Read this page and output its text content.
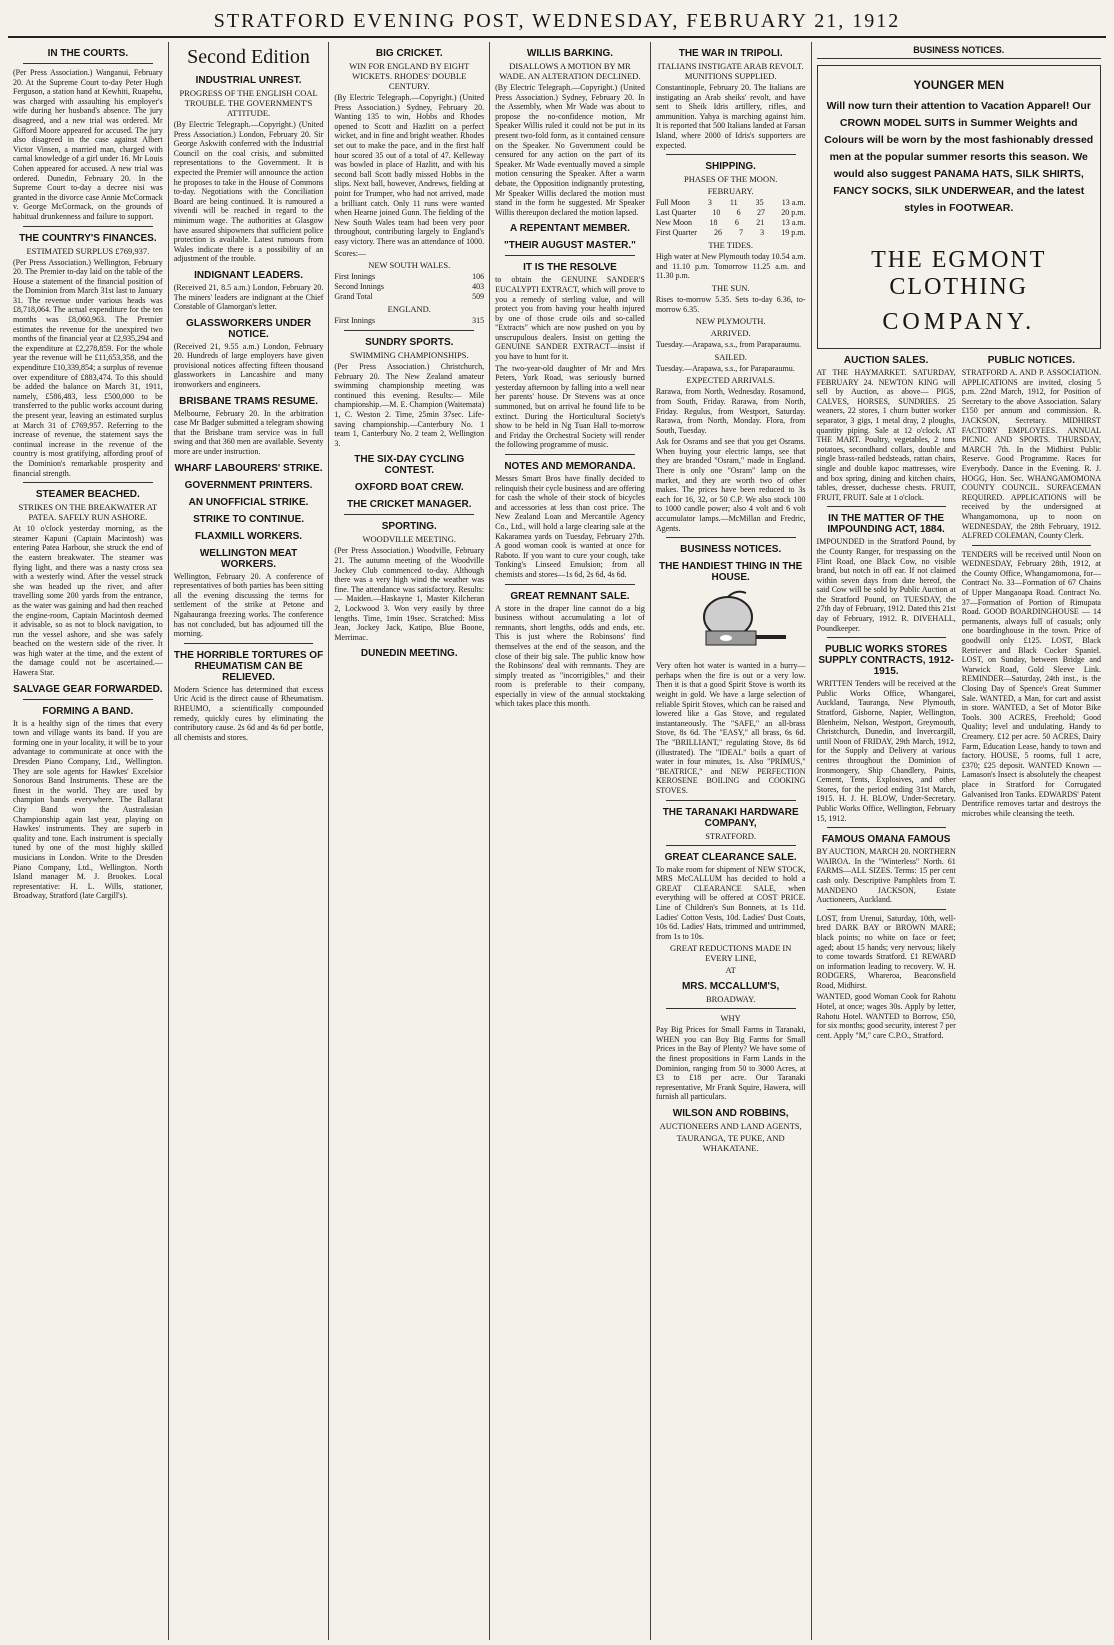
STRATFORD EVENING POST, WEDNESDAY, FEBRUARY 21, 1912
IN THE COURTS.
(Per Press Association.) Wanganui, February 20. At the Supreme Court to-day Peter Hugh Ferguson, a station hand at Kewhiti, Ruapehu, was charged with assaulting his employer's wife during her husband's absence. The jury disagreed, and a new trial was ordered. Mr Gifford Moore appeared for accused. The jury also disagreed in the case against Albert Victor Vinsen, a married man, charged with carnal knowledge of a girl under 16. Mr Louis Cohen appeared for accused. A new trial was ordered. Dunedin, February 20. In the Supreme Court to-day a decree nisi was granted in the divorce case Annie McCormack v. George McCormack, on the grounds of habitual drunkenness and failure to support.
THE COUNTRY'S FINANCES.
ESTIMATED SURPLUS £769,937.
(Per Press Association.) Wellington, February 20. The Premier to-day laid on the table of the House a statement of the financial position of the Dominion from March 31st last to January 31. The revenue under various heads was £8,718,064. The actual expenditure for the ten months was £8,060,963. The Premier estimates the revenue for the unexpired two months of the financial year at £2,935,294 and the expenditure at £2,278,859. For the whole year the revenue will be £11,653,358, and the expenditure £10,339,854; a surplus of revenue over expenditure of £883,474. To this should be added the balance on March 31, 1911, namely, £586,483, less £500,000 to be transferred to the public works account during the present year, leaving an estimated surplus at March 31 of £769,957. Referring to the increase of revenue, the statement says the continual increase in the revenue of the country is most gratifying, affording proof of the Dominion's remarkable prosperity and financial strength.
STEAMER BEACHED.
STRIKES ON THE BREAKWATER AT PATEA. SAFELY RUN ASHORE.
At 10 o'clock yesterday morning, as the steamer Kapuni (Captain Macintosh) was entering Patea Harbour, she struck the end of the eastern breakwater. The steamer was flying light, and there was a nasty cross sea with a westerly wind. After the vessel struck she was headed up the river, and after travelling some 200 yards from the entrance, as the water was gaining and had then reached the engine-room, Captain Macintosh deemed it advisable, so as not to block navigation, to run the vessel ashore, and she was safely beached on the western side of the river. It was high water at the time, and the extent of the damage could not be ascertained.—Hawera Star.
SALVAGE GEAR FORWARDED.
FORMING A BAND.
It is a healthy sign of the times that every town and village wants its band. If you are forming one in your locality, it will be to your advantage to communicate at once with the Dresden Piano Company, Ltd., Wellington. They are sole agents for Hawkes' Excelsior Sonorous Band Instruments. These are the finest in the world. They are used by champion bands everywhere. The Ballarat City Band won the Australasian Championship again last year, playing on Hawkes' instruments. They are superb in quality and tone. Each instrument is specially tuned by one of the most highly skilled musicians in London. Write to the Dresden Piano Company, Ltd., Wellington. North Island manager M. J. Brookes. Local representative: H. L. Wills, stationer, Broadway, Stratford (late Cargill's).
Second Edition
INDUSTRIAL UNREST.
PROGRESS OF THE ENGLISH COAL TROUBLE. THE GOVERNMENT'S ATTITUDE.
(By Electric Telegraph.—Copyright.) (United Press Association.) London, February 20. Sir George Askwith conferred with the Industrial Council on the coal crisis, and submitted representations to the Government. It is expected the Premier will announce the action he proposes to take in the House of Commons to-day. Negotiations with the Conciliation Board are being continued. It is rumoured a vivendi will be reached in regard to the minimum wage. The authorities at Glasgow have assured shipowners that sufficient police protection is available. Latest rumours from Wales indicate there is a possibility of an adjustment of the trouble.
INDIGNANT LEADERS.
(Received 21, 8.5 a.m.) London, February 20. The miners' leaders are indignant at the Chief Constable of Glamorgan's letter.
GLASSWORKERS UNDER NOTICE.
(Received 21, 9.55 a.m.) London, February 20. Hundreds of large employers have given provisional notices affecting fifteen thousand glassworkers in Lancashire and many ironworkers and engineers.
BRISBANE TRAMS RESUME.
Melbourne, February 20. In the arbitration case Mr Badger submitted a telegram showing that the Brisbane tram service was in full swing and that 360 men are available. Seventy more are under instruction.
WHARF LABOURERS' STRIKE.
GOVERNMENT PRINTERS.
AN UNOFFICIAL STRIKE.
STRIKE TO CONTINUE.
FLAXMILL WORKERS.
WELLINGTON MEAT WORKERS.
Wellington, February 20. A conference of representatives of both parties has been sitting all the evening discussing the terms for settlement of the strike at Petone and Ngahauranga freezing works. The conference has not concluded, but has adjourned till the morning.
THE HORRIBLE TORTURES OF RHEUMATISM CAN BE RELIEVED.
Modern Science has determined that excess Uric Acid is the direct cause of Rheumatism. RHEUMO, a scientifically compounded remedy, quickly cures by eliminating the contributory cause. 2s 6d and 4s 6d per bottle, all chemists and stores.
BIG CRICKET.
WIN FOR ENGLAND BY EIGHT WICKETS. RHODES' DOUBLE CENTURY.
(By Electric Telegraph.—Copyright.) (United Press Association.) Sydney, February 20. Wanting 135 to win, Hobbs and Rhodes opened to Scott and Hazlitt on a perfect wicket, and in fine and bright weather. Rhodes set out to make the pace, and in the first half hour scored 35 out of a total of 47. Kelleway was bowled in place of Hazlitt, and with his second ball Scott badly missed Hobbs in the slips. Next ball, however, Andrews, fielding at point for Trumper, who had not arrived, made a brilliant catch. Only 11 runs were wanted when Hearne joined Gunn. The fielding of the New South Wales team had been very poor throughout, contributing largely to England's easy victory. There was an attendance of 1000.
Scores:—
NEW SOUTH WALES.
First Innings	106
Second Innings	403
Grand Total	509
ENGLAND.
First Innings	315
SUNDRY SPORTS.
SWIMMING CHAMPIONSHIPS.
(Per Press Association.) Christchurch, February 20. The New Zealand amateur swimming championship meeting was continued this evening. Results:— Mile championship.—M. E. Champion (Waitemata) 1, C. Weston 2. Time, 25min 37sec. Life-saving championship.—Canterbury No. 1 team 1, Canterbury No. 2 team 2, Wellington 3.
THE SIX-DAY CYCLING CONTEST.
OXFORD BOAT CREW.
THE CRICKET MANAGER.
SPORTING.
WOODVILLE MEETING.
(Per Press Association.) Woodville, February 21. The autumn meeting of the Woodville Jockey Club commenced to-day. Although there was a very high wind the weather was fine. The attendance was satisfactory. Results:— Maiden.—Haskayne 1, Master Kilcheran 2, Lockwood 3. Won very easily by three lengths. Time, 1min 19sec. Scratched: Miss Jean, Jockey Jack, Katipo, Blue Boone, Merrimac.
DUNEDIN MEETING.
WILLIS BARKING.
DISALLOWS A MOTION BY MR WADE. AN ALTERATION DECLINED.
(By Electric Telegraph.—Copyright.) (United Press Association.) Sydney, February 20. In the Assembly, when Mr Wade was about to propose the no-confidence motion, Mr Speaker Willis ruled it could not be put in its present two-fold form, as it contained censure on the Speaker. No Government could be censured for any action on the part of its Speaker. Mr Wade eventually moved a simple motion censuring the Speaker. After a warm debate, the Opposition indignantly protesting, Mr Speaker Willis declared the motion must stand in the form he suggested. Mr Speaker Willis thereupon declared the motion lapsed.
A REPENTANT MEMBER.
"THEIR AUGUST MASTER."
IT IS THE RESOLVE
to obtain the GENUINE SANDER'S EUCALYPTI EXTRACT, which will prove to you a remedy of sterling value, and will protect you from having your health injured by one of those crude oils and so-called "Extracts" which are now pushed on you by unscrupulous dealers. Insist on getting the GENUINE SANDER EXTRACT—insist if you have to hunt for it.
The two-year-old daughter of Mr and Mrs Peters, York Road, was seriously burned yesterday afternoon by falling into a well near her parents' house. Dr Stevens was at once summoned, but on arrival he found life to be extinct. During the Horticultural Society's show to be held in Ng Tuan Hall to-morrow and Friday the Orchestral Society will render the following programme of music.
NOTES AND MEMORANDA.
Messrs Smart Bros have finally decided to relinquish their cycle business and are offering for cash the whole of their stock of bicycles and accessories at less than cost price. The New Zealand Loan and Mercantile Agency Co., Ltd., will hold a large clearing sale at the Kakaramea yards on Tuesday, February 27th. A good woman cook is wanted at once for Raboto. If you want to cure your cough, take Tonking's Linseed Emulsion; from all chemists and stores—1s 6d, 2s 6d, 4s 6d.
GREAT REMNANT SALE.
A store in the draper line cannot do a big business without accumulating a lot of remnants, short lengths, odds and ends, etc. This is just where the Robinsons' find themselves at the end of the season, and the close of their big sale. The public know how the Robinsons' deal with remnants. They are simply treated as "incorrigibles," and their room is preferable to their company, especially in view of the annual stocktaking which takes place this month.
THE WAR IN TRIPOLI.
ITALIANS INSTIGATE ARAB REVOLT. MUNITIONS SUPPLIED.
Constantinople, February 20. The Italians are instigating an Arab sheiks' revolt, and have sent to Sheik Idris artillery, rifles, and ammunition. Yahya is marching against him. It is reported that 500 Italians landed at Farsan Island, where 2000 of Idris's supporters are expected.
SHIPPING.
PHASES OF THE MOON.
FEBRUARY.
Full Moon 3 11 35 13 a.m.
Last Quarter 10 6 27 20 p.m.
New Moon 18 6 21 13 a.m.
First Quarter 26 7 3 19 p.m.
THE TIDES.
High water at New Plymouth today 10.54 a.m. and 11.10 p.m. Tomorrow 11.25 a.m. and 11.30 p.m.
THE SUN.
Rises to-morrow 5.35. Sets to-day 6.36, to-morrow 6.35.
NEW PLYMOUTH.
ARRIVED.
Tuesday.—Arapawa, s.s., from Paraparaumu.
SAILED.
Tuesday.—Arapawa, s.s., for Paraparaumu.
EXPECTED ARRIVALS.
Rarawa, from North, Wednesday. Rosamond, from South, Friday. Rarawa, from North, Friday. Regulus, from Westport, Saturday. Rarawa, from North, Monday. Flora, from South, Tuesday.
Ask for Osrams and see that you get Osrams. When buying your electric lamps, see that they are branded "Osram," made in England. There is only one "Osram" lamp on the market, and they are worth two of other makes. The prices have been reduced to 3s each for 16, 32, or 50 C.P. We also stock 100 to 1000 candle power; also 4 volt and 6 volt accumulator lamps.—McMillan and Fredric, Agents.
BUSINESS NOTICES.
THE HANDIEST THING IN THE HOUSE.
Very often hot water is wanted in a hurry—perhaps when the fire is out or a very low. Then it is that a good Spirit Stove is worth its weight in gold. We have a large selection of reliable Spirit Stoves, which can be raised and lowered like a Gas Stove, and regulated instantaneously. The "SAFE," an all-brass Stove, 8s 6d. The "EASY," all brass, 6s 6d. The "BRILLIANT," regulating Stove, 8s 6d (illustrated). The "IDEAL" boils a quart of water in four minutes, 1s. Also "PRIMUS," "BEATRICE," and NEW PERFECTION KEROSENE BOILING and COOKING STOVES.
THE TARANAKI HARDWARE COMPANY,
STRATFORD.
GREAT CLEARANCE SALE.
To make room for shipment of NEW STOCK, MRS McCALLUM has decided to hold a GREAT CLEARANCE SALE, when everything will be offered at COST PRICE. Line of Children's Sun Bonnets, at 1s 11d. Ladies' Cotton Vests, 10d. Ladies' Dust Coats, 10s 6d. Ladies' Hats, trimmed and untrimmed, from 1s to 10s.
GREAT REDUCTIONS MADE IN EVERY LINE,
AT
MRS. MCCALLUM'S,
BROADWAY.
WHY
Pay Big Prices for Small Farms in Taranaki, WHEN you can Buy Big Farms for Small Prices in the Bay of Plenty? We have some of the finest propositions in Farm Lands in the Dominion, ranging from 50 to 3000 Acres, at £3 to £18 per acre. Our Taranaki representative, Mr Frank Squire, Hawera, will furnish all particulars.
WILSON AND ROBBINS,
AUCTIONEERS AND LAND AGENTS,
TAURANGA, TE PUKE, AND WHAKATANE.
BUSINESS NOTICES.
YOUNGER MEN
Will now turn their attention to Vacation Apparel! Our CROWN MODEL SUITS in Summer Weights and Colours will be worn by the most fashionably dressed men at the popular summer resorts this season. We would also suggest PANAMA HATS, SILK SHIRTS, FANCY SOCKS, SILK UNDERWEAR, and the latest styles in FOOTWEAR.
THE EGMONT CLOTHING
COMPANY.
AUCTION SALES.
AT THE HAYMARKET. SATURDAY, FEBRUARY 24. NEWTON KING will sell by Auction, as above— PIGS, CALVES, HORSES, SUNDRIES. 25 weaners, 22 stores, 1 churn butter worker separator, 3 gigs, 1 metal dray, 2 ploughs, quantity piping. Sale at 12 o'clock. AT THE MART. Poultry, vegetables, 2 tons potatoes, secondhand collars, double and single brass-railed bedsteads, rattan chairs, single and double kapoc mattresses, wire and box spring, dining and kitchen chairs, tables, dresser, duchesse chests. FRUIT, FRUIT, FRUIT. Sale at 1 o'clock.
IN THE MATTER OF THE IMPOUNDING ACT, 1884.
IMPOUNDED in the Stratford Pound, by the County Ranger, for trespassing on the Flint Road, one Black Cow, no visible brand, but notch in off ear. If not claimed within seven days from date hereof, the said Cow will be sold by Public Auction at the Stratford Pound, on TUESDAY, the 27th day of February, 1912. Dated this 21st day of February, 1912. R. DIVEHALL, Poundkeeper.
PUBLIC WORKS STORES SUPPLY CONTRACTS, 1912-1915.
WRITTEN Tenders will be received at the Public Works Office, Whangarei, Auckland, Tauranga, New Plymouth, Stratford, Gisborne, Napier, Wellington, Blenheim, Nelson, Westport, Greymouth, Christchurch, Dunedin, and Invercargill, until Noon of FRIDAY, 29th March, 1912, for the Supply and Delivery at various centres throughout the Dominion of Ironmongery, Ship Chandlery, Paints, Cement, Tents, Explosives, and other Stores, for the period ending 31st March, 1915. H. J. H. BLOW, Under-Secretary. Public Works Office, Wellington, February 15, 1912.
FAMOUS OMANA FAMOUS
BY AUCTION, MARCH 20. NORTHERN WAIROA. In the "Winterless" North. 61 FARMS—ALL SIZES. Terms: 15 per cent cash only. Descriptive Pamphlets from T. MANDENO JACKSON, Estate Auctioneers, Auckland.
LOST, from Urenui, Saturday, 10th, well-bred DARK BAY or BROWN MARE; black points; no white on face or feet; aged; about 15 hands; very nervous; likely to come towards Stratford. £1 REWARD on information leading to recovery. W. H. RODGERS, Whareroa, Beaconsfield Road, Midhirst.
WANTED, good Woman Cook for Rahotu Hotel, at once; wages 30s. Apply by letter, Rahotu Hotel. WANTED to Borrow, £50, for six months; good security, interest 7 per cent. Apply "M," care C.P.O., Stratford.
PUBLIC NOTICES.
STRATFORD A. AND P. ASSOCIATION. APPLICATIONS are invited, closing 5 p.m. 22nd March, 1912, for Position of Secretary to the above Association. Salary £150 per annum and commission. R. JACKSON, Secretary. MIDHIRST FACTORY EMPLOYEES. ANNUAL PICNIC AND SPORTS. THURSDAY, MARCH 7th. In the Midhirst Public Reserve. Good Programme. Races for Everybody. Dance in the Evening. R. J. HOGG, Hon. Sec. WHANGAMOMONA COUNTY COUNCIL. SURFACEMAN REQUIRED. APPLICATIONS will be received by the undersigned at Whangamomona, up to noon on WEDNESDAY, the 28th February, 1912. ALFRED COLEMAN, County Clerk.
TENDERS will be received until Noon on WEDNESDAY, February 28th, 1912, at the County Office, Whangamomona, for— Contract No. 33—Formation of 67 Chains of Upper Mangaoapa Road. Contract No. 37—Formation of Portion of Rimupata Road. GOOD BOARDINGHOUSE — 14 permanents, always full of casuals; only one boardinghouse in the town. Price of goodwill only £125. LOST, Black Retriever and Black Cocker Spaniel. LOST, on Sunday, between Bridge and Warwick Road, Gold Sleeve Link. REMINDER—Saturday, 24th inst., is the Closing Day of Spence's Great Summer Sale. WANTED, a Man, for cart and assist in store. WANTED, a Set of Motor Bike Tools. 300 ACRES, Freehold; Good Quality; level and undulating. Handy to Creamery. £12 per acre. 50 ACRES, Dairy Farm, Education Lease, handy to town and factory. HOUSE, 5 rooms, full 1 acre, £370; £25 deposit. WANTED Known — Lamason's Insect is absolutely the cheapest place in Stratford for Corrugated Galvanised Iron Tanks. EDWARDS' Patent Dentrifice removes tartar and destroys the microbes while cleansing the teeth.
